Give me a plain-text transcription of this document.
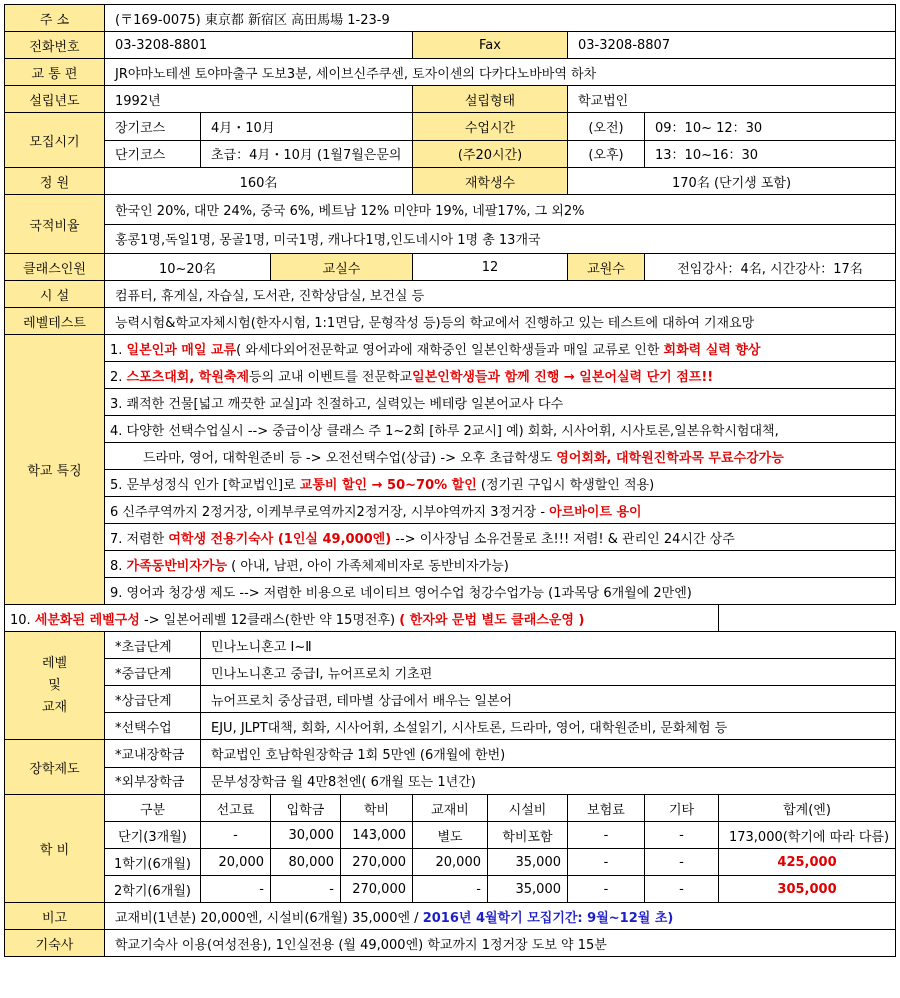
주 소	(〒169-0075) 東京都 新宿区 高田馬場 1-23-9								
전화번호	03-3208-8801				Fax		03-3208-8807		
교 통 편	JR야마노테센 토야마출구 도보3분, 세이브신주쿠센, 토자이센의 다카다노바바역 하차								
설립년도	1992년				설립형태		학교법인		
모집시기	장기코스	4月・10月			수업시간		(오전)	09：10~ 12：30	
	단기코스	초급：4月・10月 (1월7월은문의			(주20시간)		(오후)	13：10~16：30	
정 원	160名				재학생수		170名 (단기생 포함)		
국적비율	한국인 20%, 대만 24%, 중국 6%, 베트남 12% 미얀마 19%, 네팔17%, 그 외2%								
	홍콩1명,독일1명, 몽골1명, 미국1명, 캐나다1명,인도네시아 1명 총 13개국								
클래스인원	10~20名		교실수		12		교원수	전임강사：4名, 시간강사：17名	
시 설	컴퓨터, 휴게실, 자습실, 도서관, 진학상담실, 보건실 등								
레벨테스트	능력시험&학교자체시험(한자시험, 1:1면담, 문형작성 등)등의 학교에서 진행하고 있는 테스트에 대하여 기재요망								
학교 특징	1. 일본인과 매일 교류( 와세다외어전문학교 영어과에 재학중인 일본인학생들과 매일 교류로 인한 회화력 실력 향상								
	2. 스포츠대회, 학원축제등의 교내 이벤트를 전문학교일본인학생들과 함께 진행 → 일본어실력 단기 점프!!								
	3. 쾌적한 건물[넓고 깨끗한 교실]과 친절하고, 실력있는 베테랑 일본어교사 다수								
	4. 다양한 선택수업실시 --> 중급이상 클래스 주 1~2회 [하루 2교시] 예) 회화, 시사어휘, 시사토론,일본유학시험대책,								
	드라마, 영어, 대학원준비 등 -> 오전선택수업(상급) -> 오후 초급학생도 영어회화, 대학원진학과목 무료수강가능								
	5. 문부성정식 인가 [학교법인]로 교통비 할인 → 50~70% 할인 (정기권 구입시 학생할인 적용)								
	6 신주쿠역까지 2정거장, 이케부쿠로역까지2정거장, 시부야역까지 3정거장 - 아르바이트 용이								
	7. 저렴한 여학생 전용기숙사 (1인실 49,000엔) --> 이사장님 소유건물로 초!!! 저렴! & 관리인 24시간 상주								
	8. 가족동반비자가능 ( 아내, 남편, 아이 가족체제비자로 동반비자가능)								
	9. 영어과 청강생 제도 --> 저렴한 비용으로 네이티브 영어수업 청강수업가능 (1과목당 6개월에 2만엔)								
10. 세분화된 레벨구성 -> 일본어레벨 12클래스(한반 약 15명전후) ( 한자와 문법 별도 클래스운영 )									

레벨
및
교재	*초급단계	민나노니혼고 Ⅰ~Ⅱ							
	*중급단계	민나노니혼고 중급Ⅰ, 뉴어프로치 기초편							
	*상급단계	뉴어프로치 중상급편, 테마별 상급에서 배우는 일본어							
	*선택수업	EJU, JLPT대책, 회화, 시사어휘, 소설읽기, 시사토론, 드라마, 영어, 대학원준비, 문화체험 등							
장학제도	*교내장학금	학교법인 호남학원장학금 1회 5만엔 (6개월에 한번)							
	*외부장학금	문부성장학금 월 4만8천엔( 6개월 또는 1년간)							
학 비	구분	선고료	입학금	학비	교재비	시설비	보험료	기타	합계(엔)
	단기(3개월)	-	30,000	143,000	별도	학비포함	-	-	173,000(학기에 따라 다름)
	1학기(6개월)	20,000	80,000	270,000	20,000	35,000	-	-	425,000
	2학기(6개월)	-	-	270,000	-	35,000	-	-	305,000
비고	교재비(1년분) 20,000엔, 시설비(6개월) 35,000엔 / 2016년 4월학기 모집기간: 9월~12월 초)								
기숙사	학교기숙사 이용(여성전용), 1인실전용 (월 49,000엔) 학교까지 1정거장 도보 약 15분								
